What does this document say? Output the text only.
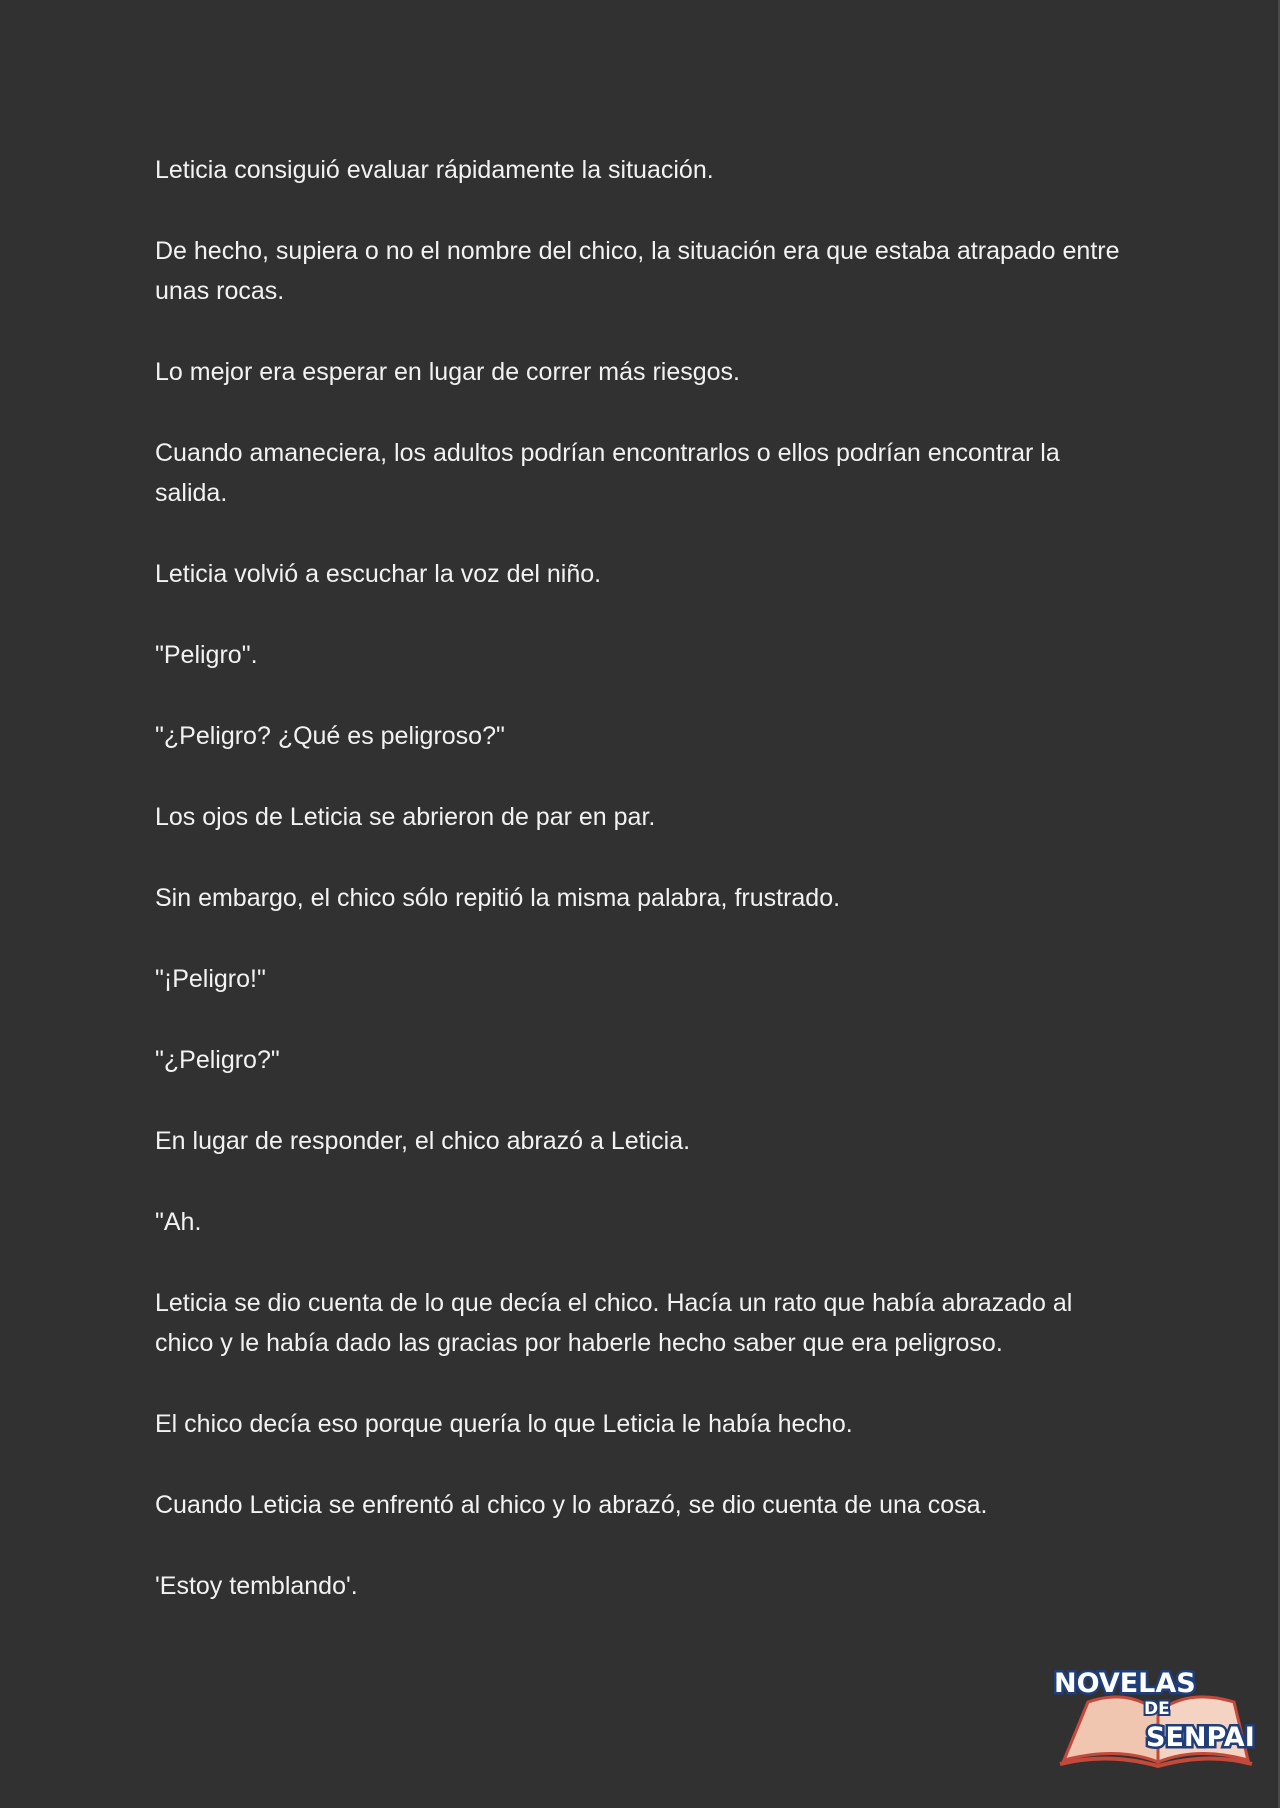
Leticia consiguió evaluar rápidamente la situación.

De hecho, supiera o no el nombre del chico, la situación era que estaba atrapado entre unas rocas.

Lo mejor era esperar en lugar de correr más riesgos.

Cuando amaneciera, los adultos podrían encontrarlos o ellos podrían encontrar la salida.

Leticia volvió a escuchar la voz del niño.

"Peligro".

"¿Peligro? ¿Qué es peligroso?"

Los ojos de Leticia se abrieron de par en par.

Sin embargo, el chico sólo repitió la misma palabra, frustrado.

"¡Peligro!"

"¿Peligro?"

En lugar de responder, el chico abrazó a Leticia.

"Ah.

Leticia se dio cuenta de lo que decía el chico. Hacía un rato que había abrazado al chico y le había dado las gracias por haberle hecho saber que era peligroso.

El chico decía eso porque quería lo que Leticia le había hecho.

Cuando Leticia se enfrentó al chico y lo abrazó, se dio cuenta de una cosa.

'Estoy temblando'.

NOVELAS
DE
SENPAI
